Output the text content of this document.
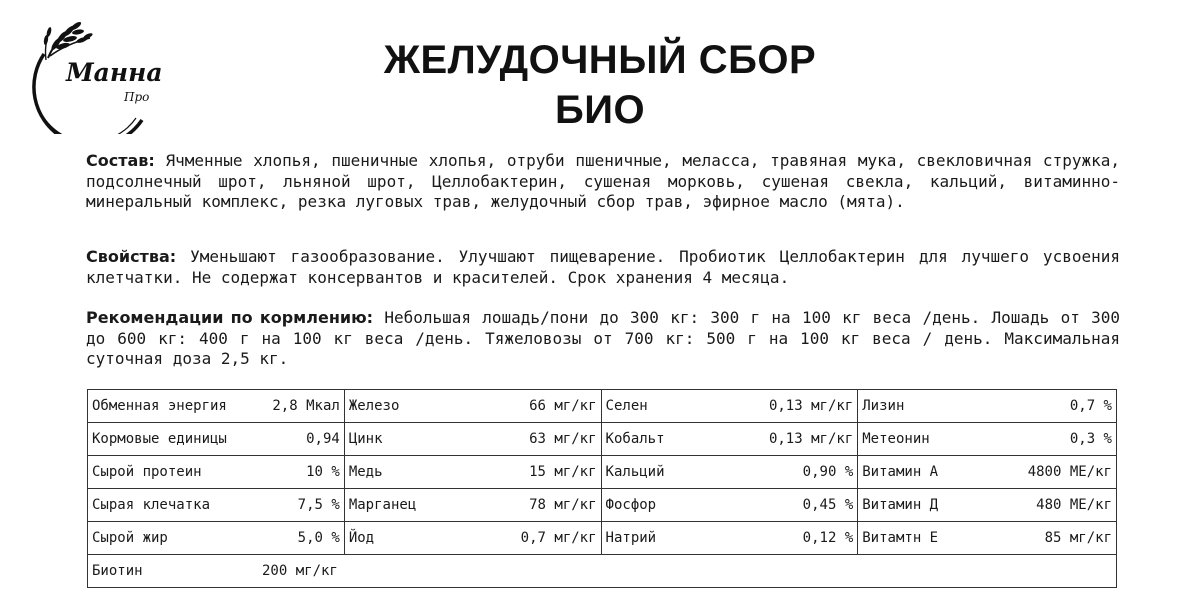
Манна
Про
ЖЕЛУДОЧНЫЙ СБОР
БИО

Состав: Ячменные хлопья, пшеничные хлопья, отруби пшеничные, меласса, травяная мука, свекловичная стружка, подсолнечный шрот, льняной шрот, Целлобактерин, сушеная морковь, сушеная свекла, кальций, витаминно-минеральный комплекс, резка луговых трав, желудочный сбор трав, эфирное масло (мята).

Свойства: Уменьшают газообразование. Улучшают пищеварение. Пробиотик Целлобактерин для лучшего усвоения клетчатки. Не содержат консервантов и красителей. Срок хранения 4 месяца.

Рекомендации по кормлению: Небольшая лошадь/пони до 300 кг: 300 г на 100 кг веса /день. Лошадь от 300 до 600 кг: 400 г на 100 кг веса /день. Тяжеловозы от 700 кг: 500 г на 100 кг веса / день. Максимальная суточная доза 2,5 кг.

Обменная энергия 2,8 Мкал	Железо 66 мг/кг	Селен 0,13 мг/кг	Лизин 0,7 %

Кормовые единицы 0,94	Цинк 63 мг/кг	Кобальт 0,13 мг/кг	Метеонин 0,3 %

Сырой протеин 10 %	Медь 15 мг/кг	Кальций 0,90 %	Витамин А 4800 МЕ/кг

Сырая клечатка 7,5 %	Марганец 78 мг/кг	Фосфор 0,45 %	Витамин Д 480 МЕ/кг

Сырой жир 5,0 %	Йод 0,7 мг/кг	Натрий 0,12 %	Витамтн Е 85 мг/кг

Биотин 200 мг/кг			
